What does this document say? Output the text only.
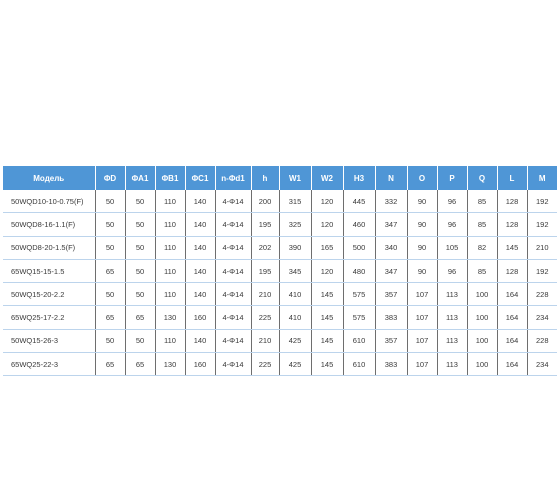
Модель	ΦD	ΦA1	ΦB1	ΦC1	n-Φd1	h	W1	W2	H3	N	O	P	Q	L	M
50WQD10-10-0.75(F)	50	50	110	140	4-Φ14	200	315	120	445	332	90	96	85	128	192
50WQD8-16-1.1(F)	50	50	110	140	4-Φ14	195	325	120	460	347	90	96	85	128	192
50WQD8-20-1.5(F)	50	50	110	140	4-Φ14	202	390	165	500	340	90	105	82	145	210
65WQ15-15-1.5	65	50	110	140	4-Φ14	195	345	120	480	347	90	96	85	128	192
50WQ15-20-2.2	50	50	110	140	4-Φ14	210	410	145	575	357	107	113	100	164	228
65WQ25-17-2.2	65	65	130	160	4-Φ14	225	410	145	575	383	107	113	100	164	234
50WQ15-26-3	50	50	110	140	4-Φ14	210	425	145	610	357	107	113	100	164	228
65WQ25-22-3	65	65	130	160	4-Φ14	225	425	145	610	383	107	113	100	164	234
